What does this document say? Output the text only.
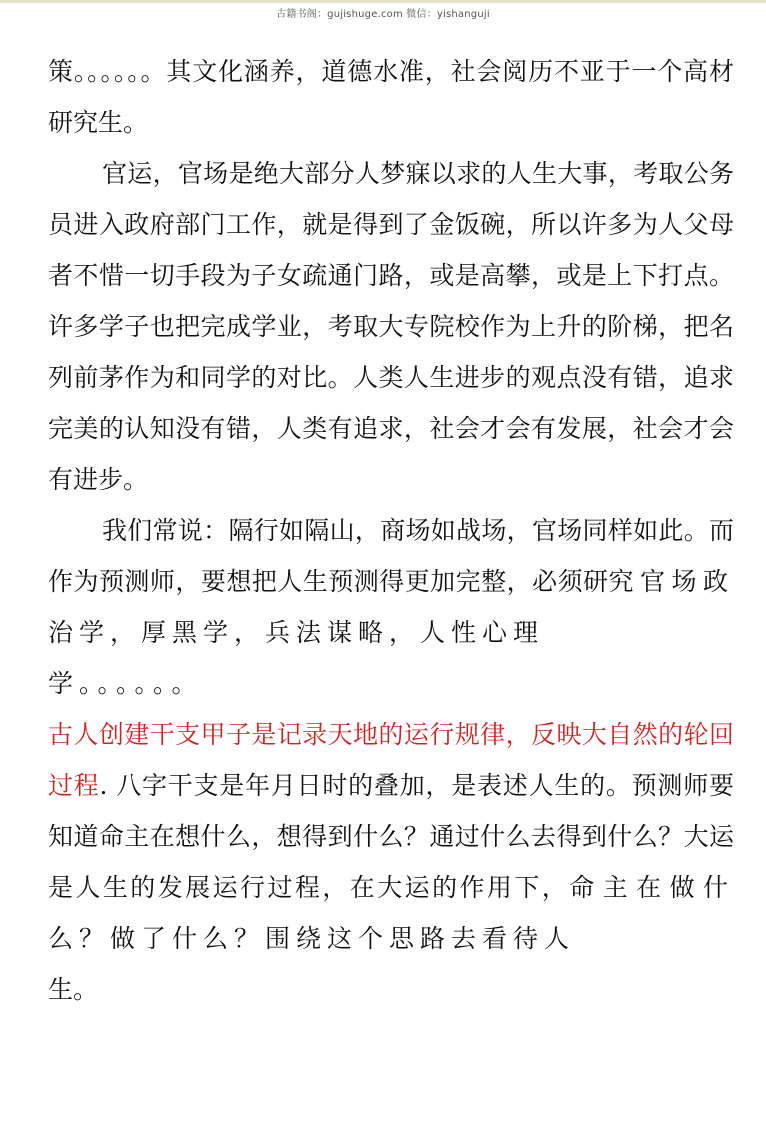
古籍书阁：gujishuge.com 微信：yishanguji

策。。。。。。其文化涵养，道德水准，社会阅历不亚于一个高材研究生。

官运，官场是绝大部分人梦寐以求的人生大事，考取公务员进入政府部门工作，就是得到了金饭碗，所以许多为人父母者不惜一切手段为子女疏通门路，或是高攀，或是上下打点。许多学子也把完成学业，考取大专院校作为上升的阶梯，把名列前茅作为和同学的对比。人类人生进步的观点没有错，追求完美的认知没有错，人类有追求，社会才会有发展，社会才会有进步。

我们常说：隔行如隔山，商场如战场，官场同样如此。而作为预测师，要想把人生预测得更加完整，必须研究官场政治学，厚黑学，兵法谋略，人性心理
学。。。。。。
古人创建干支甲子是记录天地的运行规律，反映大自然的轮回过程. 八字干支是年月日时的叠加，是表述人生的。预测师要知道命主在想什么，想得到什么？通过什么去得到什么？大运是人生的发展运行过程，在大运的作用下，命主在做什么？做了什么？围绕这个思路去看待人
生。
